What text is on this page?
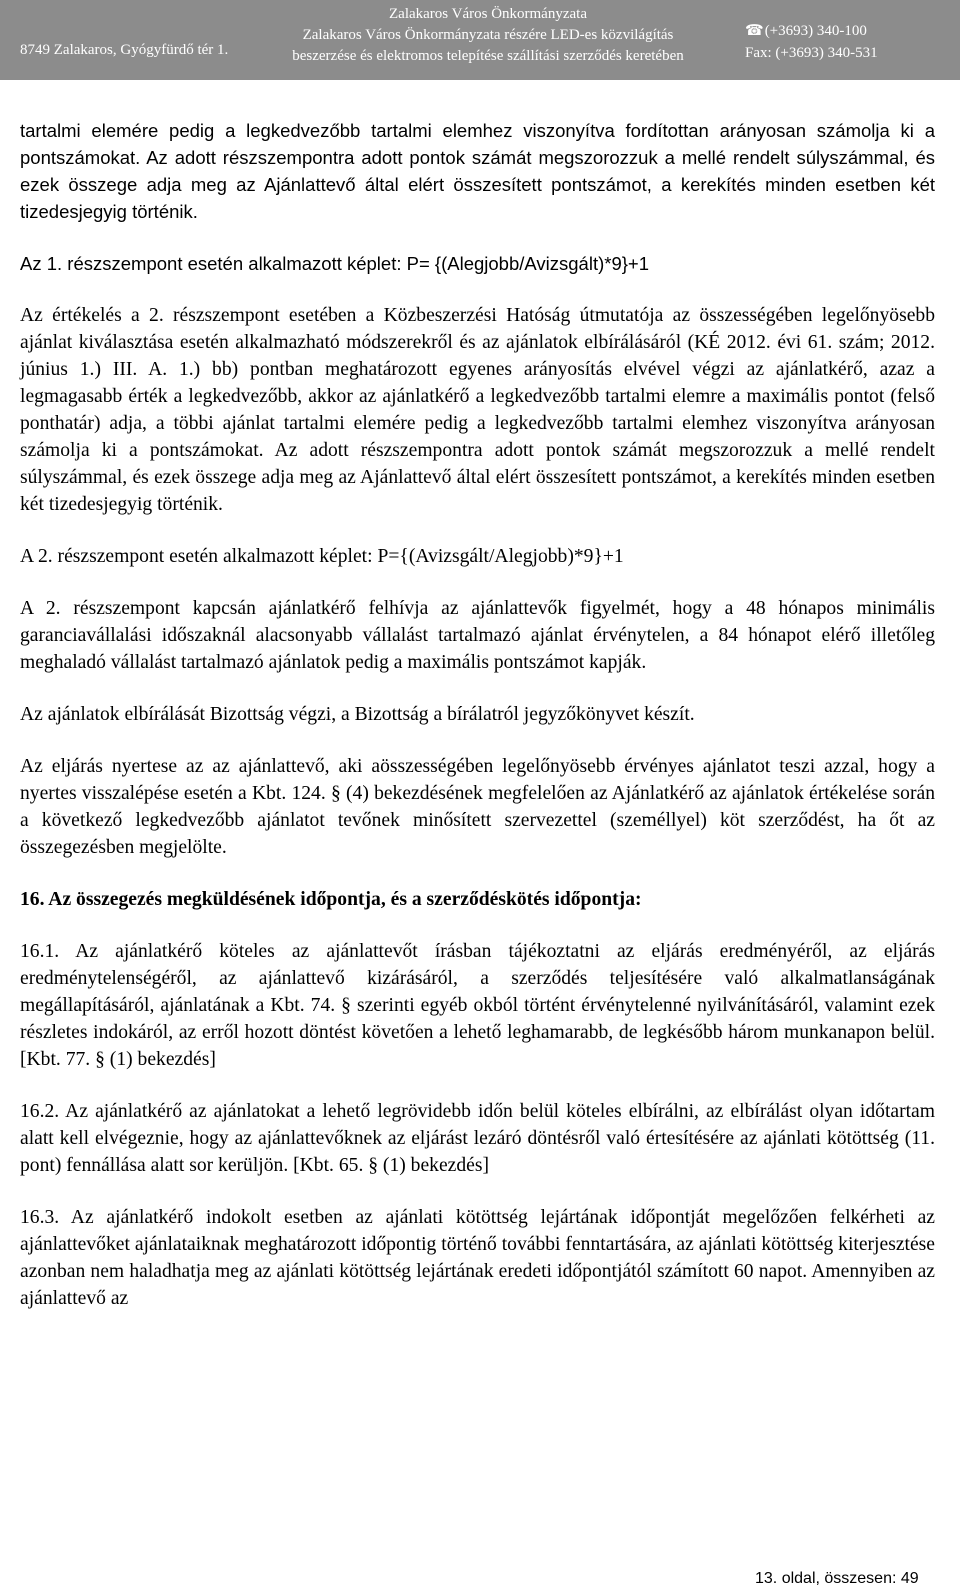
8749 Zalakaros, Gyógyfürdő tér 1.
Zalakaros Város Önkormányzata
Zalakaros Város Önkormányzata részére LED-es közvilágítás
beszerzése és elektromos telepítése szállítási szerződés keretében
☎(+3693) 340-100
Fax: (+3693) 340-531

tartalmi elemére pedig a legkedvezőbb tartalmi elemhez viszonyítva fordítottan arányosan számolja ki a pontszámokat. Az adott részszempontra adott pontok számát megszorozzuk a mellé rendelt súlyszámmal, és ezek összege adja meg az Ajánlattevő által elért összesített pontszámot, a kerekítés minden esetben két tizedesjegyig történik.

Az 1. részszempont esetén alkalmazott képlet: P= {(Alegjobb/Avizsgált)*9}+1

Az értékelés a 2. részszempont esetében a Közbeszerzési Hatóság útmutatója az összességében legelőnyösebb ajánlat kiválasztása esetén alkalmazható módszerekről és az ajánlatok elbírálásáról (KÉ 2012. évi 61. szám; 2012. június 1.) III. A. 1.) bb) pontban meghatározott egyenes arányosítás elvével végzi az ajánlatkérő, azaz a legmagasabb érték a legkedvezőbb, akkor az ajánlatkérő a legkedvezőbb tartalmi elemre a maximális pontot (felső ponthatár) adja, a többi ajánlat tartalmi elemére pedig a legkedvezőbb tartalmi elemhez viszonyítva arányosan számolja ki a pontszámokat. Az adott részszempontra adott pontok számát megszorozzuk a mellé rendelt súlyszámmal, és ezek összege adja meg az Ajánlattevő által elért összesített pontszámot, a kerekítés minden esetben két tizedesjegyig történik.

A 2. részszempont esetén alkalmazott képlet: P={(Avizsgált/Alegjobb)*9}+1

A 2. részszempont kapcsán ajánlatkérő felhívja az ajánlattevők figyelmét, hogy a 48 hónapos minimális garanciavállalási időszaknál alacsonyabb vállalást tartalmazó ajánlat érvénytelen, a 84 hónapot elérő illetőleg meghaladó vállalást tartalmazó ajánlatok pedig a maximális pontszámot kapják.

Az ajánlatok elbírálását Bizottság végzi, a Bizottság a bírálatról jegyzőkönyvet készít.

Az eljárás nyertese az az ajánlattevő, aki aösszességében legelőnyösebb érvényes ajánlatot teszi azzal, hogy a nyertes visszalépése esetén a Kbt. 124. § (4) bekezdésének megfelelően az Ajánlatkérő az ajánlatok értékelése során a következő legkedvezőbb ajánlatot tevőnek minősített szervezettel (személlyel) köt szerződést, ha őt az összegezésben megjelölte.

16. Az összegezés megküldésének időpontja, és a szerződéskötés időpontja:

16.1. Az ajánlatkérő köteles az ajánlattevőt írásban tájékoztatni az eljárás eredményéről, az eljárás eredménytelenségéről, az ajánlattevő kizárásáról, a szerződés teljesítésére való alkalmatlanságának megállapításáról, ajánlatának a Kbt. 74. § szerinti egyéb okból történt érvénytelenné nyilvánításáról, valamint ezek részletes indokáról, az erről hozott döntést követően a lehető leghamarabb, de legkésőbb három munkanapon belül. [Kbt. 77. § (1) bekezdés]

16.2. Az ajánlatkérő az ajánlatokat a lehető legrövidebb időn belül köteles elbírálni, az elbírálást olyan időtartam alatt kell elvégeznie, hogy az ajánlattevőknek az eljárást lezáró döntésről való értesítésére az ajánlati kötöttség (11. pont) fennállása alatt sor kerüljön. [Kbt. 65. § (1) bekezdés]

16.3. Az ajánlatkérő indokolt esetben az ajánlati kötöttség lejártának időpontját megelőzően felkérheti az ajánlattevőket ajánlataiknak meghatározott időpontig történő további fenntartására, az ajánlati kötöttség kiterjesztése azonban nem haladhatja meg az ajánlati kötöttség lejártának eredeti időpontjától számított 60 napot. Amennyiben az ajánlattevő az

13. oldal, összesen: 49
